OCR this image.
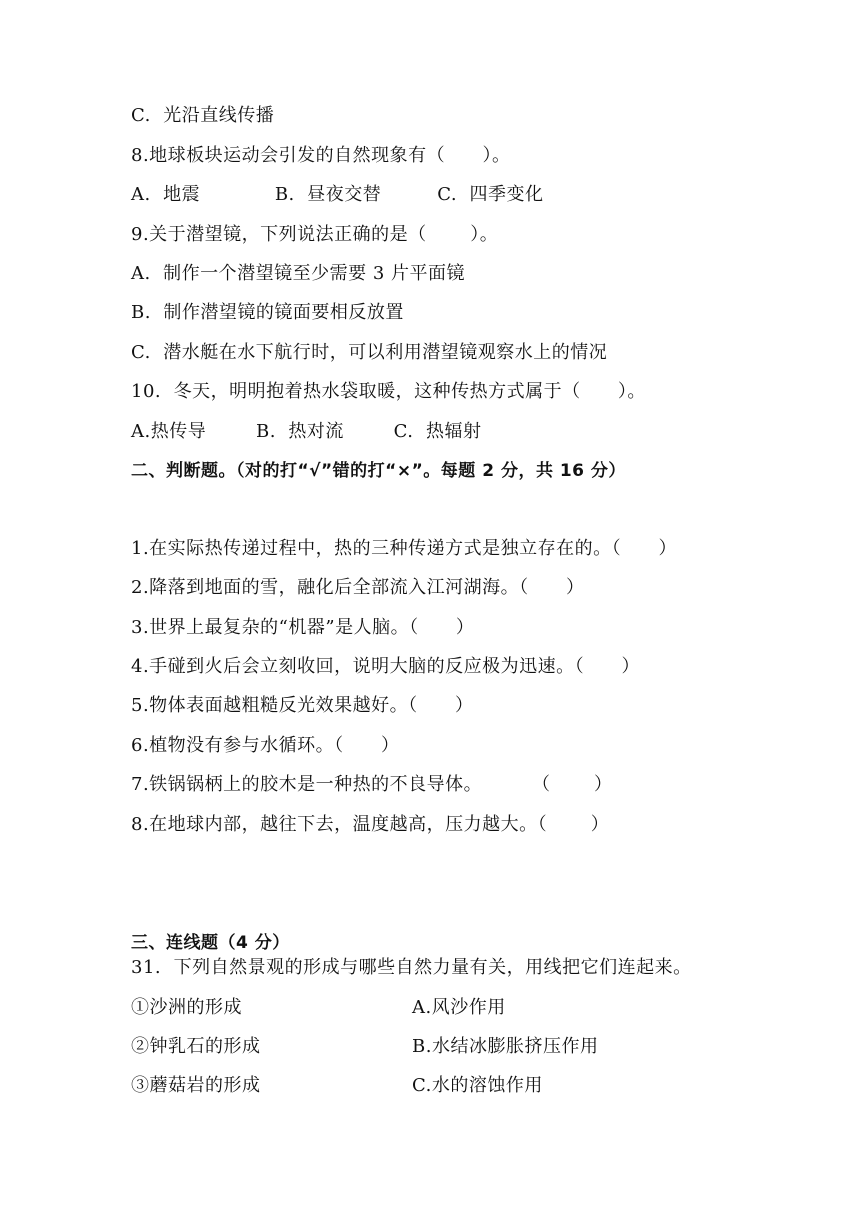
C.  光沿直线传播
8.地球板块运动会引发的自然现象有（      ）。
A.  地震            B.  昼夜交替         C.  四季变化
9.关于潜望镜，下列说法正确的是（       ）。
A.  制作一个潜望镜至少需要 3 片平面镜
B.  制作潜望镜的镜面要相反放置
C.  潜水艇在水下航行时，可以利用潜望镜观察水上的情况
10.  冬天，明明抱着热水袋取暖，这种传热方式属于（      ）。
A.热传导        B.  热对流        C.  热辐射
二、判断题。（对的打“√”错的打“×”。每题 2 分，共 16 分）
1.在实际热传递过程中，热的三种传递方式是独立存在的。（      ）
2.降落到地面的雪，融化后全部流入江河湖海。（      ）
3.世界上最复杂的“机器”是人脑。（      ）
4.手碰到火后会立刻收回，说明大脑的反应极为迅速。（      ）
5.物体表面越粗糙反光效果越好。（      ）
6.植物没有参与水循环。（      ）
7.铁锅锅柄上的胶木是一种热的不良导体。        （       ）
8.在地球内部，越往下去，温度越高，压力越大。（       ）
三、连线题（4 分）
31.  下列自然景观的形成与哪些自然力量有关，用线把它们连起来。
①沙洲的形成
②钟乳石的形成
③蘑菇岩的形成
A.风沙作用
B.水结冰膨胀挤压作用
C.水的溶蚀作用
